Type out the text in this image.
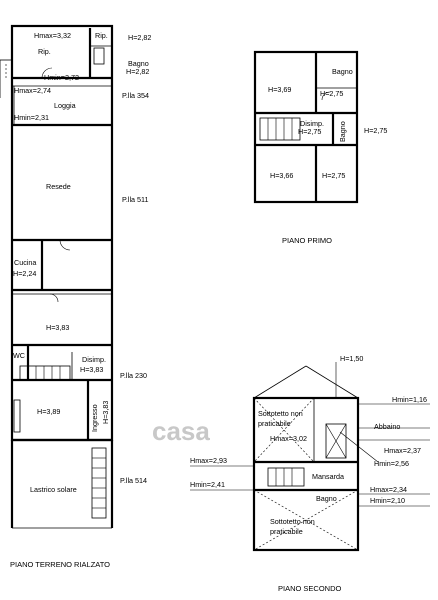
casa
Hmax=3,32	Rip.	H=2,82
Rip.
Bagno
H=2,82
Hmin=2,72
Hmax=2,74
P.lla 354
Loggia
Hmin=2,31
Resede
P.lla 511
Cucina
H=2,24
H=3,83
WC	Disimp.
H=3,83
P.lla 230
H=3,89	Ingresso H=3,83
P.lla 514
Lastrico solare
PIANO TERRENO RIALZATO
H=3,69
Bagno
H=2,75
Disimp.
H=2,75 Bagno H=2,75
H=3,66	H=2,75
PIANO PRIMO
H=1,50
Hmin=1,16
Sottotetto non
praticabile	Abbaino
Hmax=3,02
Hmax=2,37
Hmax=2,93	Hmin=2,56
Mansarda
Hmin=2,41
Hmax=2,34
Bagno	Hmin=2,10
Sottotetto non
praticabile
PIANO SECONDO
